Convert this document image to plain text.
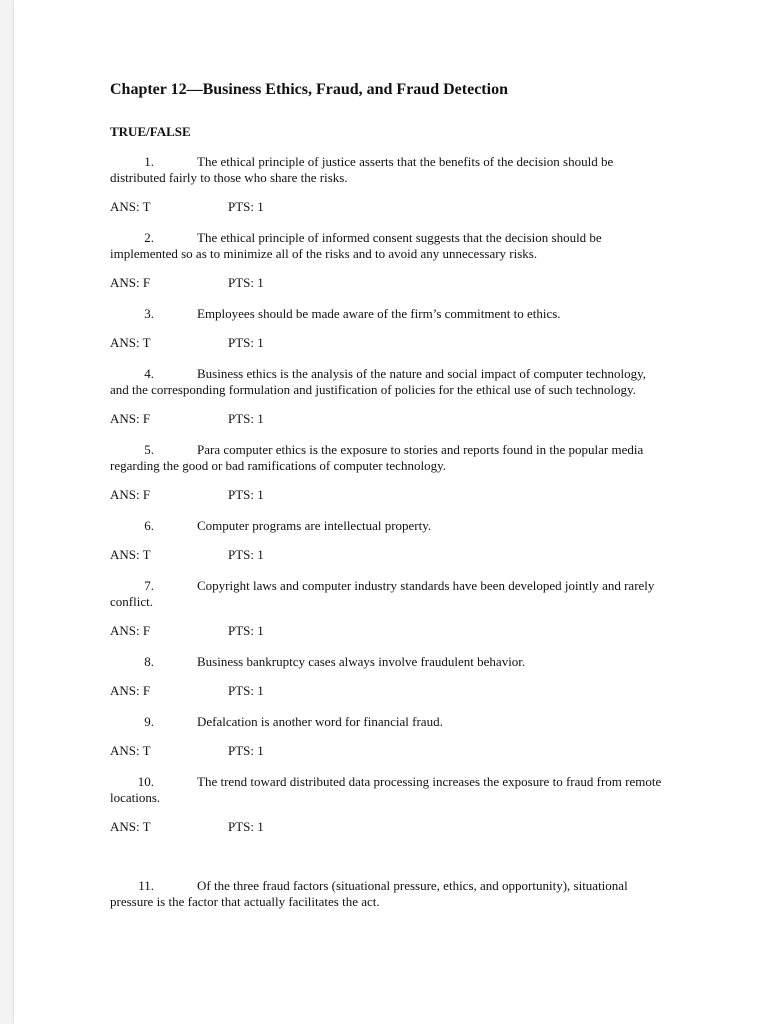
Chapter 12—Business Ethics, Fraud, and Fraud Detection
TRUE/FALSE

1.	The ethical principle of justice asserts that the benefits of the decision should be distributed fairly to those who share the risks.

ANS: T	PTS: 1

2.	The ethical principle of informed consent suggests that the decision should be implemented so as to minimize all of the risks and to avoid any unnecessary risks.

ANS: F	PTS: 1

3.	Employees should be made aware of the firm’s commitment to ethics.

ANS: T	PTS: 1

4.	Business ethics is the analysis of the nature and social impact of computer technology, and the corresponding formulation and justification of policies for the ethical use of such technology.

ANS: F	PTS: 1

5.	Para computer ethics is the exposure to stories and reports found in the popular media regarding the good or bad ramifications of computer technology.

ANS: F	PTS: 1

6.	Computer programs are intellectual property.

ANS: T	PTS: 1

7.	Copyright laws and computer industry standards have been developed jointly and rarely conflict.

ANS: F	PTS: 1

8.	Business bankruptcy cases always involve fraudulent behavior.

ANS: F	PTS: 1

9.	Defalcation is another word for financial fraud.

ANS: T	PTS: 1

10.	The trend toward distributed data processing increases the exposure to fraud from remote locations.

ANS: T	PTS: 1

11.	Of the three fraud factors (situational pressure, ethics, and opportunity), situational pressure is the factor that actually facilitates the act.
